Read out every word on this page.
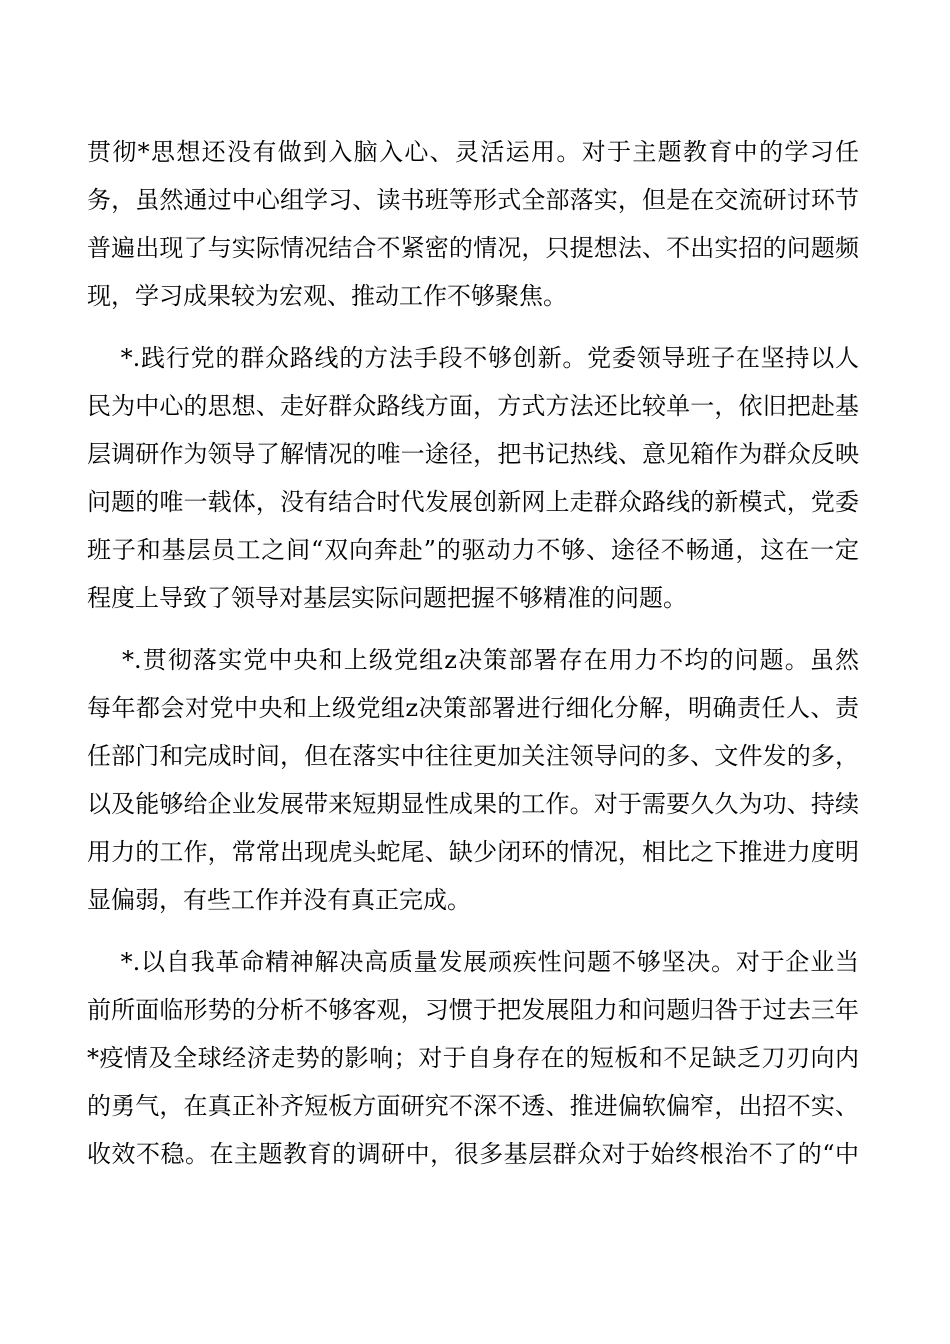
贯彻*思想还没有做到入脑入心、灵活运用。对于主题教育中的学习任
务，虽然通过中心组学习、读书班等形式全部落实，但是在交流研讨环节
普遍出现了与实际情况结合不紧密的情况，只提想法、不出实招的问题频
现，学习成果较为宏观、推动工作不够聚焦。
*.践行党的群众路线的方法手段不够创新。党委领导班子在坚持以人
民为中心的思想、走好群众路线方面，方式方法还比较单一，依旧把赴基
层调研作为领导了解情况的唯一途径，把书记热线、意见箱作为群众反映
问题的唯一载体，没有结合时代发展创新网上走群众路线的新模式，党委
班子和基层员工之间“双向奔赴”的驱动力不够、途径不畅通，这在一定
程度上导致了领导对基层实际问题把握不够精准的问题。
*.贯彻落实党中央和上级党组z决策部署存在用力不均的问题。虽然
每年都会对党中央和上级党组z决策部署进行细化分解，明确责任人、责
任部门和完成时间，但在落实中往往更加关注领导问的多、文件发的多，
以及能够给企业发展带来短期显性成果的工作。对于需要久久为功、持续
用力的工作，常常出现虎头蛇尾、缺少闭环的情况，相比之下推进力度明
显偏弱，有些工作并没有真正完成。
*.以自我革命精神解决高质量发展顽疾性问题不够坚决。对于企业当
前所面临形势的分析不够客观，习惯于把发展阻力和问题归咎于过去三年
*疫情及全球经济走势的影响；对于自身存在的短板和不足缺乏刀刃向内
的勇气，在真正补齐短板方面研究不深不透、推进偏软偏窄，出招不实、
收效不稳。在主题教育的调研中，很多基层群众对于始终根治不了的“中
